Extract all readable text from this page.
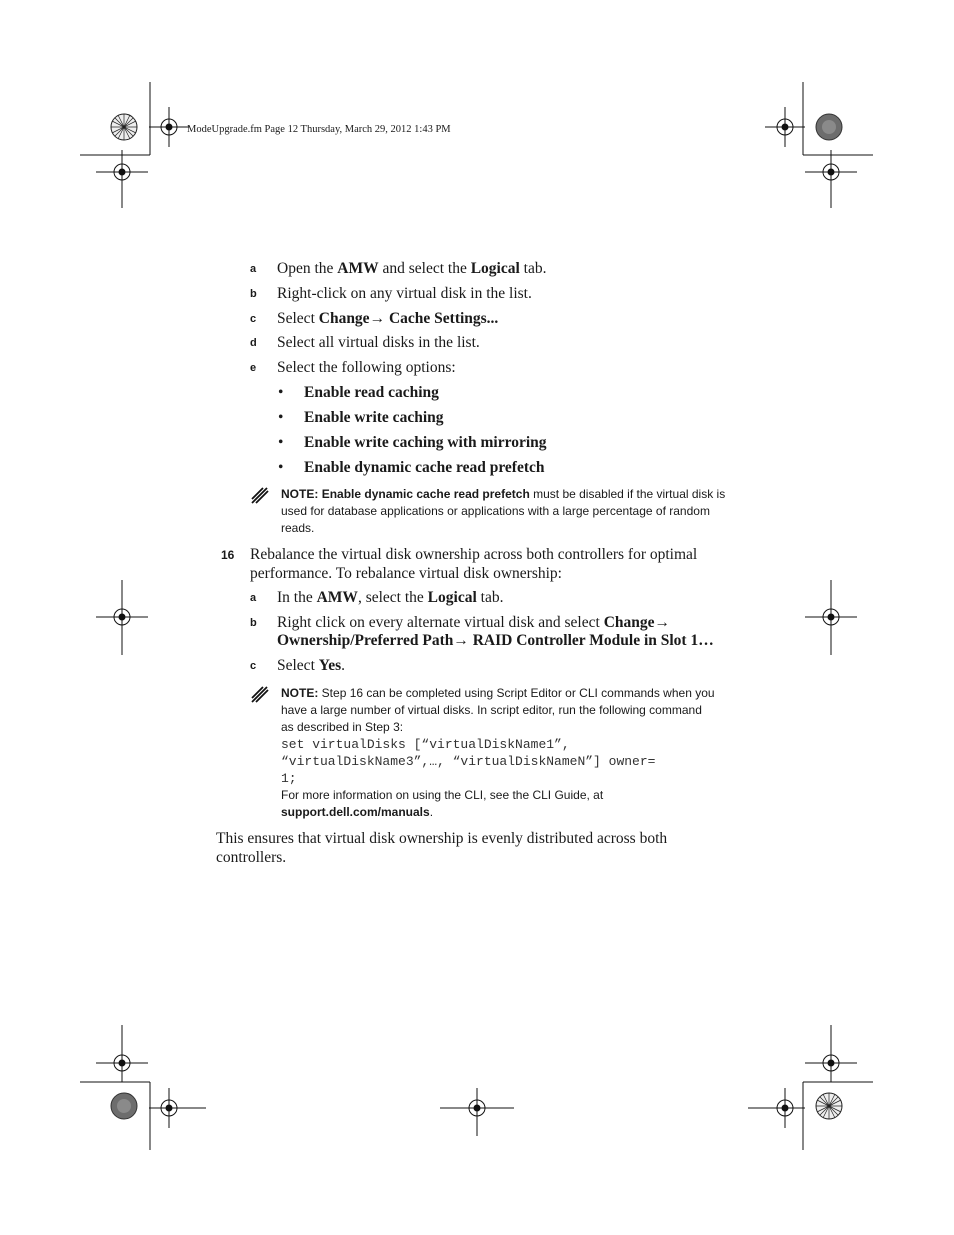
ModeUpgrade.fm Page 12 Thursday, March 29, 2012 1:43 PM
a Open the AMW and select the Logical tab.
b Right-click on any virtual disk in the list.
c Select Change→ Cache Settings...
d Select all virtual disks in the list.
e Select the following options:
• Enable read caching
• Enable write caching
• Enable write caching with mirroring
• Enable dynamic cache read prefetch
NOTE: Enable dynamic cache read prefetch must be disabled if the virtual disk is
used for database applications or applications with a large percentage of random
reads.
16 Rebalance the virtual disk ownership across both controllers for optimal
performance. To rebalance virtual disk ownership:
a In the AMW, select the Logical tab.
b Right click on every alternate virtual disk and select Change→
Ownership/Preferred Path→ RAID Controller Module in Slot 1…
c Select Yes.
NOTE: Step 16 can be completed using Script Editor or CLI commands when you
have a large number of virtual disks. In script editor, run the following command
as described in Step 3:
set virtualDisks [“virtualDiskName1”,
“virtualDiskName3”,…, “virtualDiskNameN”] owner=
1;
For more information on using the CLI, see the CLI Guide, at
support.dell.com/manuals.
This ensures that virtual disk ownership is evenly distributed across both
controllers.
